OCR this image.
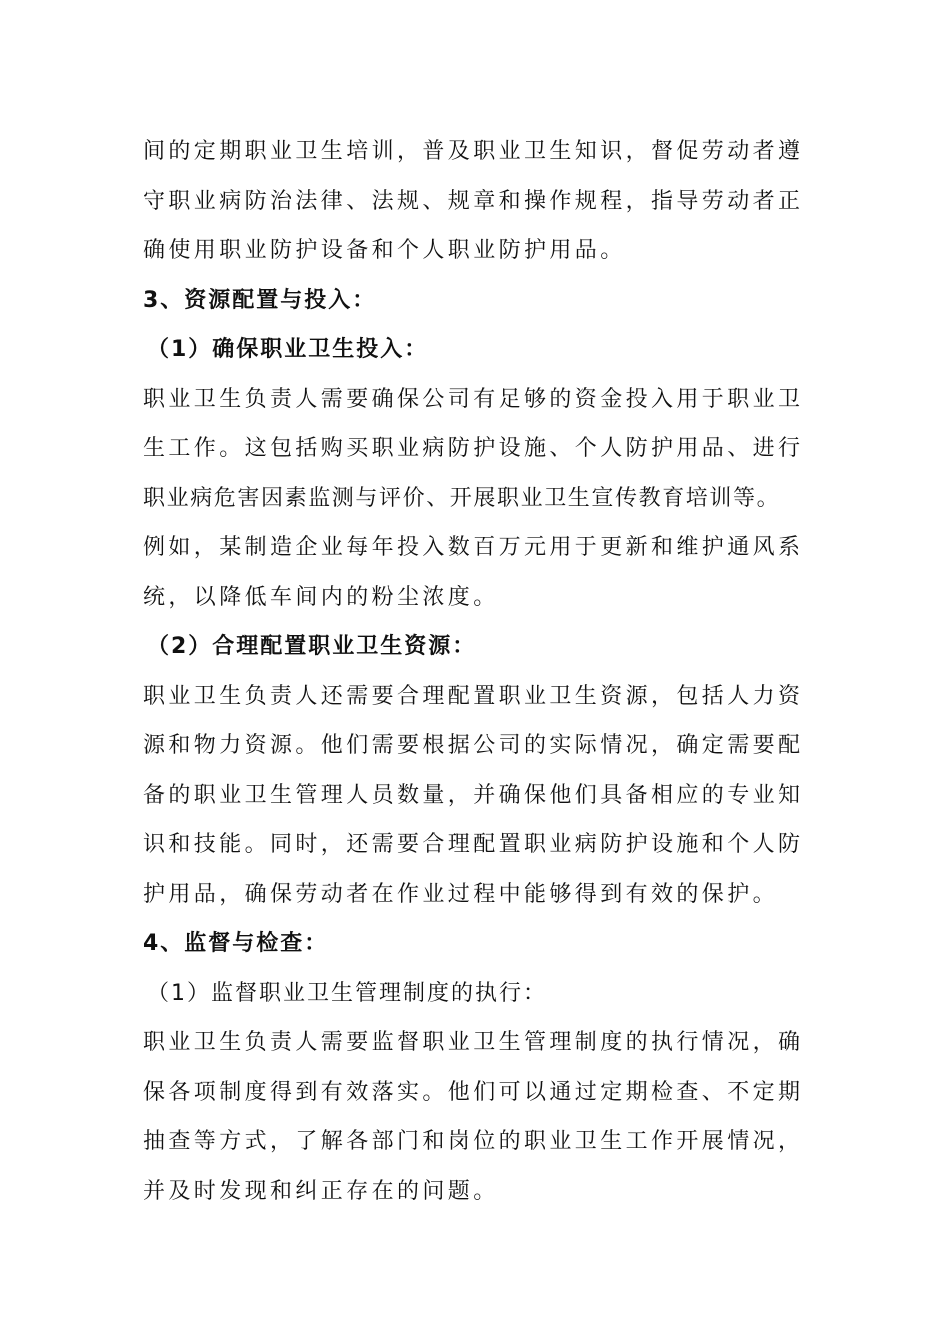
间的定期职业卫生培训，普及职业卫生知识，督促劳动者遵
守职业病防治法律、法规、规章和操作规程，指导劳动者正
确使用职业防护设备和个人职业防护用品。
3、资源配置与投入：
（1）确保职业卫生投入：
职业卫生负责人需要确保公司有足够的资金投入用于职业卫
生工作。这包括购买职业病防护设施、个人防护用品、进行
职业病危害因素监测与评价、开展职业卫生宣传教育培训等。
例如，某制造企业每年投入数百万元用于更新和维护通风系
统，以降低车间内的粉尘浓度。
（2）合理配置职业卫生资源：
职业卫生负责人还需要合理配置职业卫生资源，包括人力资
源和物力资源。他们需要根据公司的实际情况，确定需要配
备的职业卫生管理人员数量，并确保他们具备相应的专业知
识和技能。同时，还需要合理配置职业病防护设施和个人防
护用品，确保劳动者在作业过程中能够得到有效的保护。
4、监督与检查：
（1）监督职业卫生管理制度的执行：
职业卫生负责人需要监督职业卫生管理制度的执行情况，确
保各项制度得到有效落实。他们可以通过定期检查、不定期
抽查等方式，了解各部门和岗位的职业卫生工作开展情况，
并及时发现和纠正存在的问题。
